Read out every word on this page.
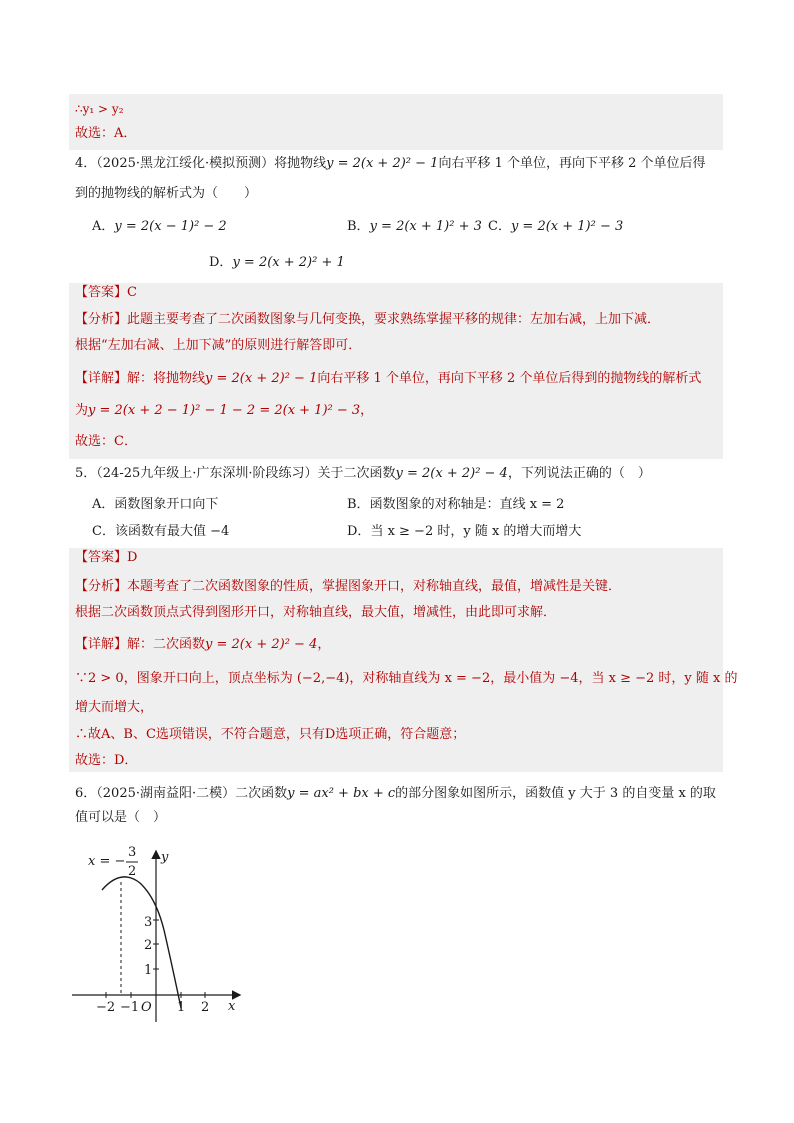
∴y₁ > y₂
故选：A．
4．（2025·黑龙江绥化·模拟预测）将抛物线y = 2(x + 2)² − 1向右平移 1 个单位，再向下平移 2 个单位后得
到的抛物线的解析式为（　　）
A．y = 2(x − 1)² − 2	B．y = 2(x + 1)² + 3 C．y = 2(x + 1)² − 3
D．y = 2(x + 2)² + 1
【答案】C
【分析】此题主要考查了二次函数图象与几何变换，要求熟练掌握平移的规律：左加右减，上加下减．
根据“左加右减、上加下减”的原则进行解答即可．
【详解】解：将抛物线y = 2(x + 2)² − 1向右平移 1 个单位，再向下平移 2 个单位后得到的抛物线的解析式
为y = 2(x + 2 − 1)² − 1 − 2 = 2(x + 1)² − 3，
故选：C．
5．（24-25九年级上·广东深圳·阶段练习）关于二次函数y = 2(x + 2)² − 4，下列说法正确的（　）
A．函数图象开口向下	B．函数图象的对称轴是：直线 x = 2
C．该函数有最大值 −4	D．当 x ≥ −2 时，y 随 x 的增大而增大
【答案】D
【分析】本题考查了二次函数图象的性质，掌握图象开口，对称轴直线，最值，增减性是关键．
根据二次函数顶点式得到图形开口，对称轴直线，最大值，增减性，由此即可求解．
【详解】解：二次函数y = 2(x + 2)² − 4，
∵2 > 0，图象开口向上，顶点坐标为 (−2,−4)，对称轴直线为 x = −2，最小值为 −4，当 x ≥ −2 时，y 随 x 的
增大而增大，
∴故A、B、C选项错误，不符合题意，只有D选项正确，符合题意；
故选：D．
6．（2025·湖南益阳·二模）二次函数y = ax² + bx + c的部分图象如图所示，函数值 y 大于 3 的自变量 x 的取
值可以是（　）
x = −
3
2
y
x
O
1
2
3
−2 −1	1 2
